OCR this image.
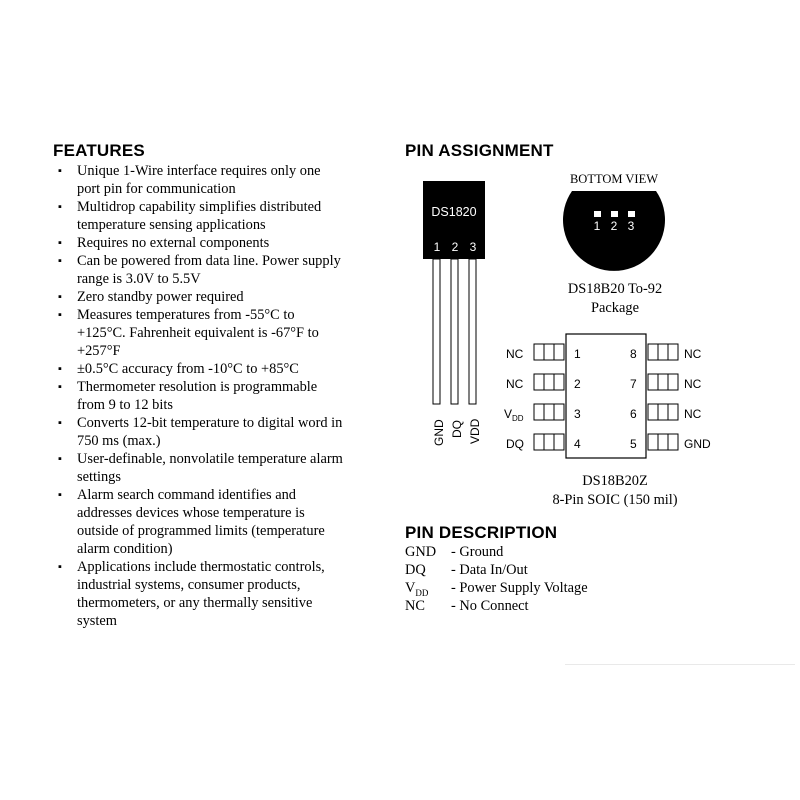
FEATURES
▪ Unique 1-Wire interface requires only one
port pin for communication
▪ Multidrop capability simplifies distributed
temperature sensing applications
▪ Requires no external components
▪ Can be powered from data line. Power supply
range is 3.0V to 5.5V
▪ Zero standby power required
▪ Measures temperatures from -55°C to
+125°C. Fahrenheit equivalent is -67°F to
+257°F
▪ ±0.5°C accuracy from -10°C to +85°C
▪ Thermometer resolution is programmable
from 9 to 12 bits
▪ Converts 12-bit temperature to digital word in
750 ms (max.)
▪ User-definable, nonvolatile temperature alarm
settings
▪ Alarm search command identifies and
addresses devices whose temperature is
outside of programmed limits (temperature
alarm condition)
▪ Applications include thermostatic controls,
industrial systems, consumer products,
thermometers, or any thermally sensitive
system
PIN ASSIGNMENT
DS1820
1 2 3
GND DQ VDD
BOTTOM VIEW
1 2 3
DS18B20 To-92
Package
NC
NC
$V_{DD}$
DQ
1
2
3
4
8
7
6
5
NC
NC
NC
GND
DS18B20Z
8-Pin SOIC (150 mil)
PIN DESCRIPTION
GND - Ground
DQ - Data In/Out
$V_{DD}$ - Power Supply Voltage
NC - No Connect
